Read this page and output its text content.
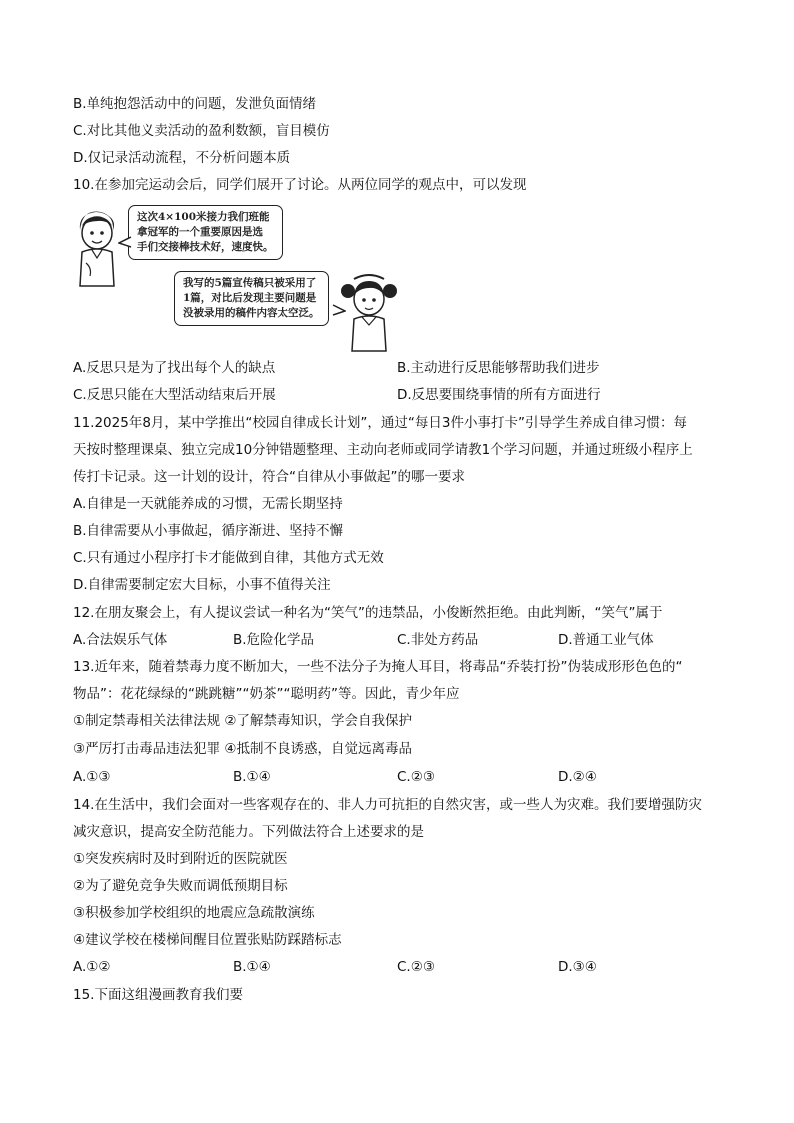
B.单纯抱怨活动中的问题，发泄负面情绪
C.对比其他义卖活动的盈利数额，盲目模仿
D.仅记录活动流程，不分析问题本质
10.在参加完运动会后，同学们展开了讨论。从两位同学的观点中，可以发现
这次4×100米接力我们班能
拿冠军的一个重要原因是选
手们交接棒技术好，速度快。
我写的5篇宣传稿只被采用了
1篇，对比后发现主要问题是
没被录用的稿件内容太空泛。
A.反思只是为了找出每个人的缺点	B.主动进行反思能够帮助我们进步
C.反思只能在大型活动结束后开展	D.反思要围绕事情的所有方面进行
11.2025年8月，某中学推出“校园自律成长计划”，通过“每日3件小事打卡”引导学生养成自律习惯：每
天按时整理课桌、独立完成10分钟错题整理、主动向老师或同学请教1个学习问题，并通过班级小程序上
传打卡记录。这一计划的设计，符合“自律从小事做起”的哪一要求
A.自律是一天就能养成的习惯，无需长期坚持
B.自律需要从小事做起，循序渐进、坚持不懈
C.只有通过小程序打卡才能做到自律，其他方式无效
D.自律需要制定宏大目标，小事不值得关注
12.在朋友聚会上，有人提议尝试一种名为“笑气”的违禁品，小俊断然拒绝。由此判断，“笑气”属于
A.合法娱乐气体	B.危险化学品	C.非处方药品	D.普通工业气体
13.近年来，随着禁毒力度不断加大，一些不法分子为掩人耳目，将毒品“乔装打扮”伪装成形形色色的“
物品”：花花绿绿的“跳跳糖”“奶茶”“聪明药”等。因此，青少年应
①制定禁毒相关法律法规 ②了解禁毒知识，学会自我保护
③严厉打击毒品违法犯罪 ④抵制不良诱惑，自觉远离毒品
A.①③	B.①④	C.②③	D.②④
14.在生活中，我们会面对一些客观存在的、非人力可抗拒的自然灾害，或一些人为灾难。我们要增强防灾
减灾意识，提高安全防范能力。下列做法符合上述要求的是
①突发疾病时及时到附近的医院就医
②为了避免竞争失败而调低预期目标
③积极参加学校组织的地震应急疏散演练
④建议学校在楼梯间醒目位置张贴防踩踏标志
A.①②	B.①④	C.②③	D.③④
15.下面这组漫画教育我们要
